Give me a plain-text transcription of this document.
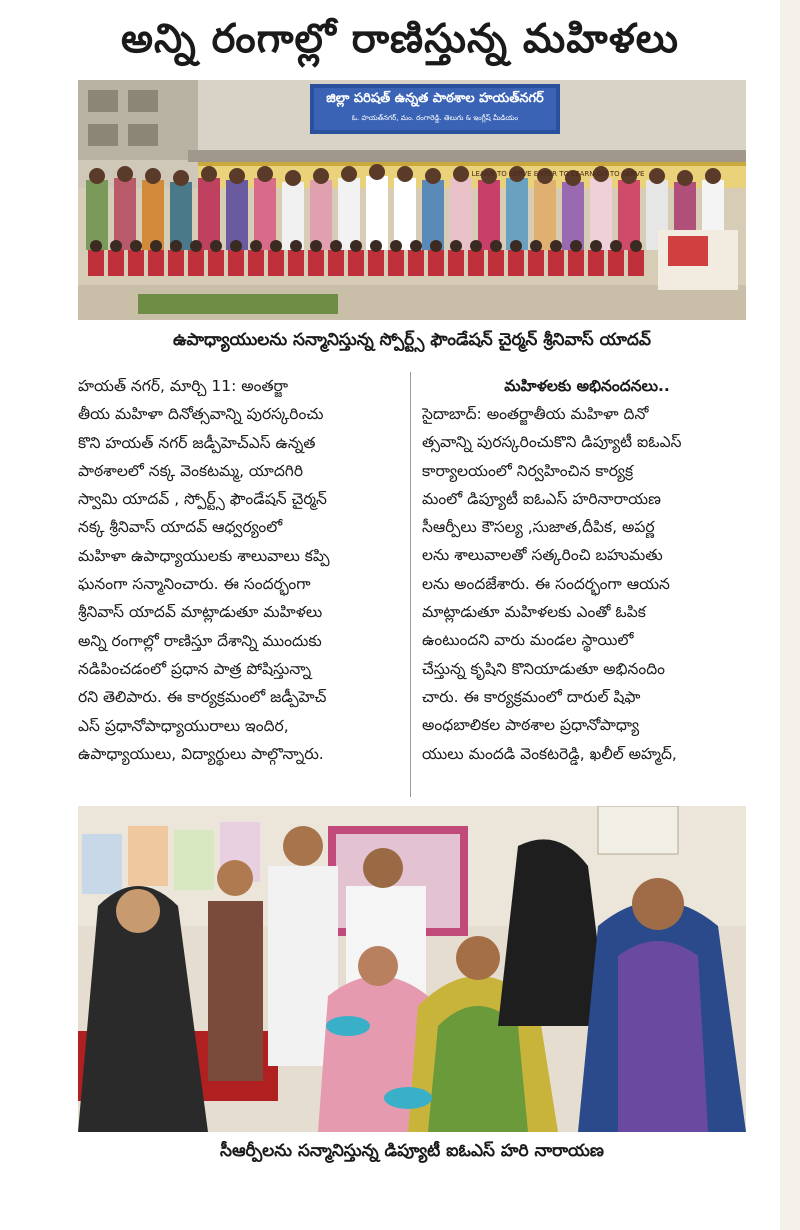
అన్ని రంగాల్లో రాణిస్తున్న మహిళలు
జిల్లా పరిషత్ ఉన్నత పాఠశాల హయత్‌నగర్
ఓ. హయత్‌నగర్, మం. రంగారెడ్డి. తెలుగు & ఇంగ్లీష్ మీడియం
LEARN TO SERVE ENTER TO LEARN GO TO SERVE
ఉపాధ్యాయులను సన్మానిస్తున్న స్పోర్ట్స్ ఫౌండేషన్ చైర్మన్ శ్రీనివాస్ యాదవ్

హయత్ నగర్, మార్చి 11: అంతర్జా
తీయ మహిళా దినోత్సవాన్ని పురస్కరించు
కొని హయత్ నగర్ జడ్పీహెచ్ఎస్ ఉన్నత
పాఠశాలలో నక్క వెంకటమ్మ, యాదగిరి
స్వామి యాదవ్ , స్పోర్ట్స్ ఫౌండేషన్ చైర్మన్
నక్క శ్రీనివాస్ యాదవ్ ఆధ్వర్యంలో
మహిళా ఉపాధ్యాయులకు శాలువాలు కప్పి
ఘనంగా సన్మానించారు. ఈ సందర్భంగా
శ్రీనివాస్ యాదవ్ మాట్లాడుతూ మహిళలు
అన్ని రంగాల్లో రాణిస్తూ దేశాన్ని ముందుకు
నడిపించడంలో ప్రధాన పాత్ర పోషిస్తున్నా
రని తెలిపారు. ఈ కార్యక్రమంలో జడ్పీహెచ్
ఎస్ ప్రధానోపాధ్యాయురాలు ఇందిర,
ఉపాధ్యాయులు, విద్యార్థులు పాల్గొన్నారు.

మహిళలకు అభినందనలు..

సైదాబాద్: అంతర్జాతీయ మహిళా దినో
త్సవాన్ని పురస్కరించుకొని డిప్యూటీ ఐఓఎస్
కార్యాలయంలో నిర్వహించిన కార్యక్ర
మంలో డిప్యూటీ ఐఓఎస్ హరినారాయణ
సీఆర్పీలు కౌసల్య ,సుజాత,దీపిక, అపర్ణ
లను శాలువాలతో సత్కరించి బహుమతు
లను అందజేశారు. ఈ సందర్భంగా ఆయన
మాట్లాడుతూ మహిళలకు ఎంతో ఓపిక
ఉంటుందని వారు మండల స్థాయిలో
చేస్తున్న కృషిని కొనియాడుతూ అభినందిం
చారు. ఈ కార్యక్రమంలో దారుల్ షిఫా
అంధబాలికల పాఠశాల ప్రధానోపాధ్యా
యులు మందడి వెంకటరెడ్డి, ఖలీల్ అహ్మద్,

సీఆర్పీలను సన్మానిస్తున్న డిప్యూటీ ఐఓఎస్ హరి నారాయణ
